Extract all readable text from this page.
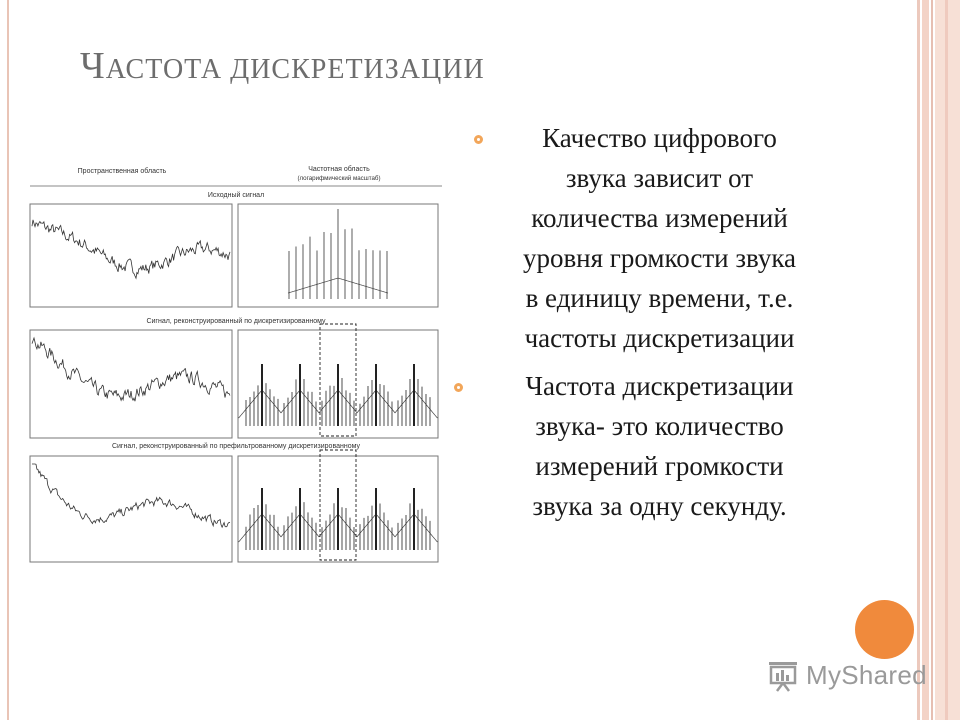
ЧАСТОТА ДИСКРЕТИЗАЦИИ
Пространственная область	Частотная область
(логарифмический масштаб)
Исходный сигнал
Сигнал, реконструированный по дискретизированному
Сигнал, реконструированный по префильтрованному дискретизированному
Качество цифрового
звука зависит от
количества измерений
уровня громкости звука
в единицу времени, т.е.
частоты дискретизации
Частота дискретизации
звука- это количество
измерений громкости
звука за одну секунду.
MyShared
